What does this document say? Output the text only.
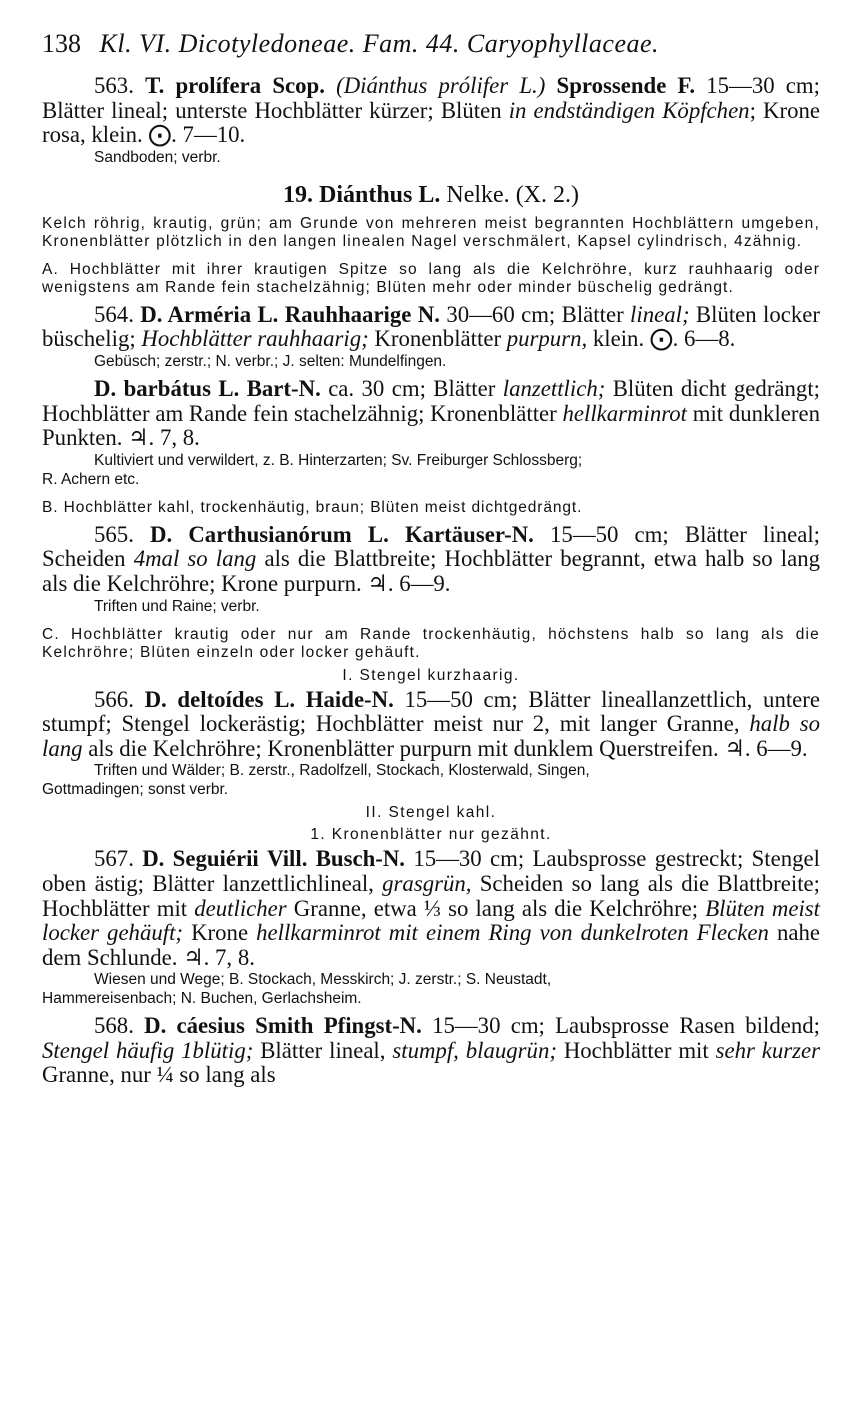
138 Kl. VI. Dicotyledoneae. Fam. 44. Caryophyllaceae.

563. T. prolífera Scop. (Diánthus prólifer L.) Sprossende F. 15—30 cm; Blätter lineal; unterste Hochblätter kürzer; Blüten in endständigen Köpfchen; Krone rosa, klein. ⨀. 7—10.

Sandboden; verbr.
19. Diánthus L. Nelke. (X. 2.)

Kelch röhrig, krautig, grün; am Grunde von mehreren meist begrannten Hochblättern umgeben, Kronenblätter plötzlich in den langen linealen Nagel verschmälert, Kapsel cylindrisch, 4zähnig.

A. Hochblätter mit ihrer krautigen Spitze so lang als die Kelchröhre, kurz rauhhaarig oder wenigstens am Rande fein stachelzähnig; Blüten mehr oder minder büschelig gedrängt.

564. D. Arméria L. Rauhhaarige N. 30—60 cm; Blätter lineal; Blüten locker büschelig; Hochblätter rauhhaarig; Kronenblätter purpurn, klein. ⨀. 6—8.

Gebüsch; zerstr.; N. verbr.; J. selten: Mundelfingen.

D. barbátus L. Bart-N. ca. 30 cm; Blätter lanzettlich; Blüten dicht gedrängt; Hochblätter am Rande fein stachelzähnig; Kronenblätter hellkarminrot mit dunkleren Punkten. ♃. 7, 8.

Kultiviert und verwildert, z. B. Hinterzarten; Sv. Freiburger Schlossberg;
R. Achern etc.

B. Hochblätter kahl, trockenhäutig, braun; Blüten meist dichtgedrängt.

565. D. Carthusianórum L. Kartäuser-N. 15—50 cm; Blätter lineal; Scheiden 4mal so lang als die Blattbreite; Hochblätter begrannt, etwa halb so lang als die Kelchröhre; Krone purpurn. ♃. 6—9.

Triften und Raine; verbr.

C. Hochblätter krautig oder nur am Rande trockenhäutig, höchstens halb so lang als die Kelchröhre; Blüten einzeln oder locker gehäuft.

I. Stengel kurzhaarig.

566. D. deltoídes L. Haide-N. 15—50 cm; Blätter lineallanzettlich, untere stumpf; Stengel lockerästig; Hochblätter meist nur 2, mit langer Granne, halb so lang als die Kelchröhre; Kronenblätter purpurn mit dunklem Querstreifen. ♃. 6—9.

Triften und Wälder; B. zerstr., Radolfzell, Stockach, Klosterwald, Singen,
Gottmadingen; sonst verbr.
II. Stengel kahl.
1. Kronenblätter nur gezähnt.

567. D. Seguiérii Vill. Busch-N. 15—30 cm; Laubsprosse gestreckt; Stengel oben ästig; Blätter lanzettlichlineal, grasgrün, Scheiden so lang als die Blattbreite; Hochblätter mit deutlicher Granne, etwa ⅓ so lang als die Kelchröhre; Blüten meist locker gehäuft; Krone hellkarminrot mit einem Ring von dunkelroten Flecken nahe dem Schlunde. ♃. 7, 8.

Wiesen und Wege; B. Stockach, Messkirch; J. zerstr.; S. Neustadt,
Hammereisenbach; N. Buchen, Gerlachsheim.

568. D. cáesius Smith Pfingst-N. 15—30 cm; Laubsprosse Rasen bildend; Stengel häufig 1blütig; Blätter lineal, stumpf, blaugrün; Hochblätter mit sehr kurzer Granne, nur ¼ so lang als
